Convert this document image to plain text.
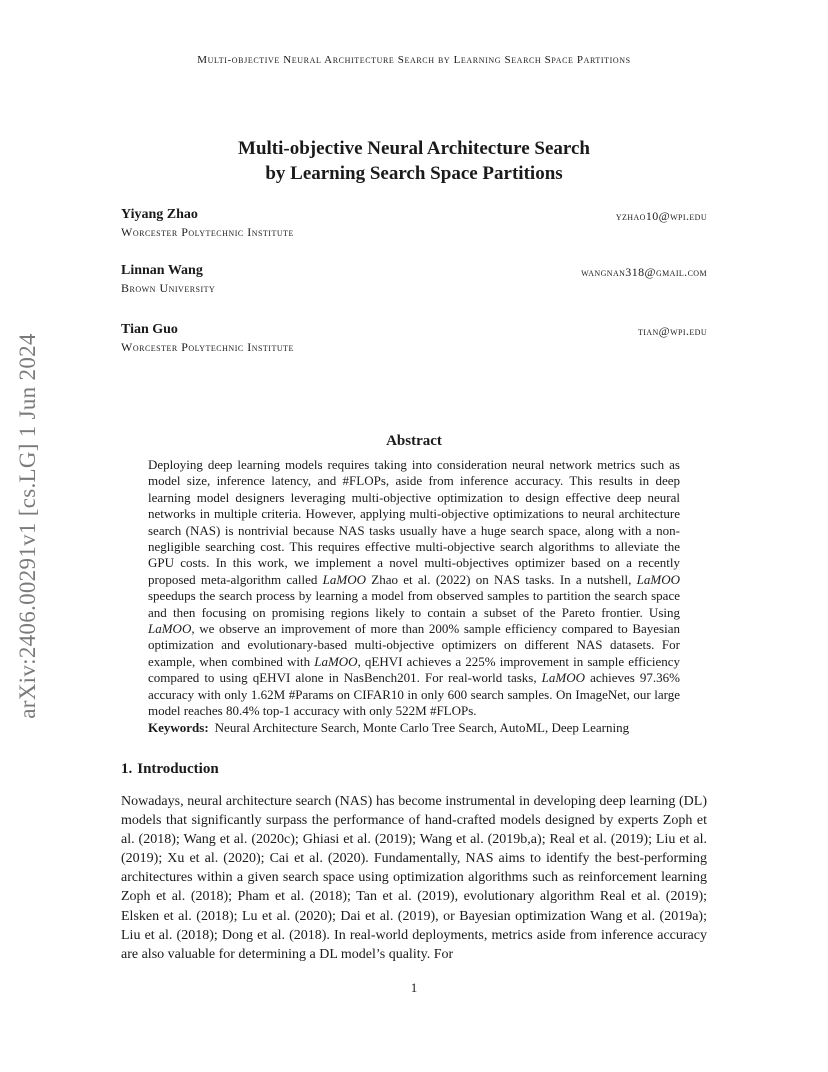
Multi-objective Neural Architecture Search by Learning Search Space Partitions
arXiv:2406.00291v1 [cs.LG] 1 Jun 2024
Multi-objective Neural Architecture Search
by Learning Search Space Partitions
Yiyang Zhao	yzhao10@wpi.edu
Worcester Polytechnic Institute
Linnan Wang	wangnan318@gmail.com
Brown University
Tian Guo	tian@wpi.edu
Worcester Polytechnic Institute
Abstract
Deploying deep learning models requires taking into consideration neural network metrics such as model size, inference latency, and #FLOPs, aside from inference accuracy. This results in deep learning model designers leveraging multi-objective optimization to design effective deep neural networks in multiple criteria. However, applying multi-objective optimizations to neural architecture search (NAS) is nontrivial because NAS tasks usually have a huge search space, along with a non-negligible searching cost. This requires effective multi-objective search algorithms to alleviate the GPU costs. In this work, we implement a novel multi-objectives optimizer based on a recently proposed meta-algorithm called LaMOO Zhao et al. (2022) on NAS tasks. In a nutshell, LaMOO speedups the search process by learning a model from observed samples to partition the search space and then focusing on promising regions likely to contain a subset of the Pareto frontier. Using LaMOO, we observe an improvement of more than 200% sample efficiency compared to Bayesian optimization and evolutionary-based multi-objective optimizers on different NAS datasets. For example, when combined with LaMOO, qEHVI achieves a 225% improvement in sample efficiency compared to using qEHVI alone in NasBench201. For real-world tasks, LaMOO achieves 97.36% accuracy with only 1.62M #Params on CIFAR10 in only 600 search samples. On ImageNet, our large model reaches 80.4% top-1 accuracy with only 522M #FLOPs.
Keywords: Neural Architecture Search, Monte Carlo Tree Search, AutoML, Deep Learning
1. Introduction
Nowadays, neural architecture search (NAS) has become instrumental in developing deep learning (DL) models that significantly surpass the performance of hand-crafted models designed by experts Zoph et al. (2018); Wang et al. (2020c); Ghiasi et al. (2019); Wang et al. (2019b,a); Real et al. (2019); Liu et al. (2019); Xu et al. (2020); Cai et al. (2020). Fundamentally, NAS aims to identify the best-performing architectures within a given search space using optimization algorithms such as reinforcement learning Zoph et al. (2018); Pham et al. (2018); Tan et al. (2019), evolutionary algorithm Real et al. (2019); Elsken et al. (2018); Lu et al. (2020); Dai et al. (2019), or Bayesian optimization Wang et al. (2019a); Liu et al. (2018); Dong et al. (2018). In real-world deployments, metrics aside from inference accuracy are also valuable for determining a DL model’s quality. For
1
